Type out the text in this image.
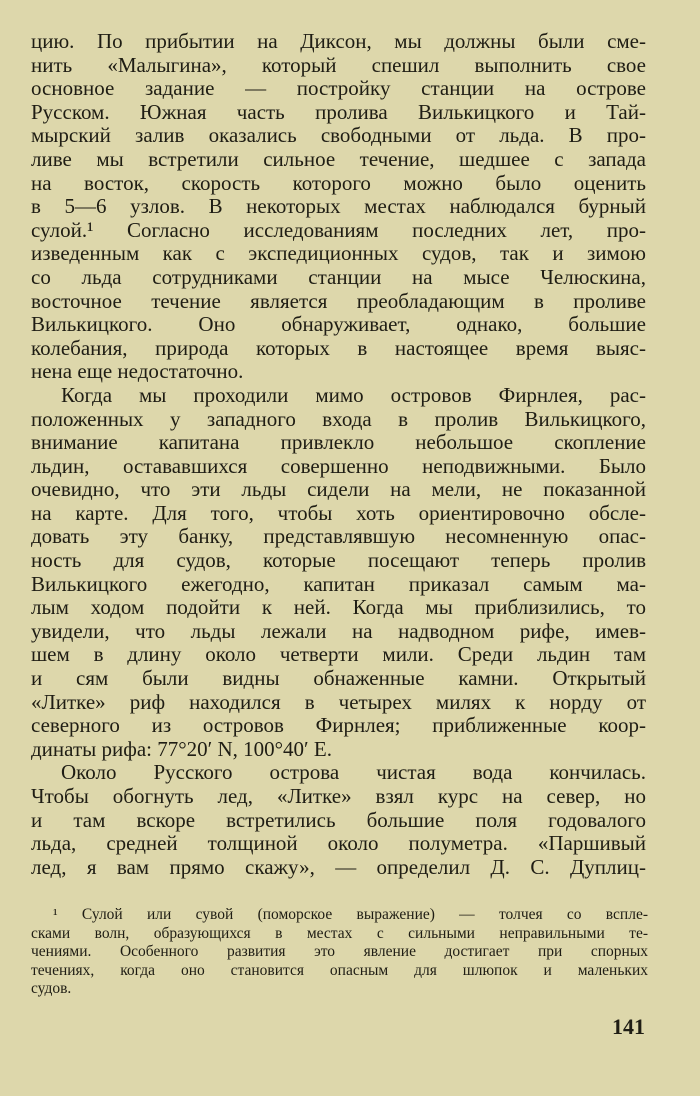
цию. По прибытии на Диксон, мы должны были сме-
нить «Малыгина», который спешил выполнить свое
основное задание — постройку станции на острове
Русском. Южная часть пролива Вилькицкого и Тай-
мырский залив оказались свободными от льда. В про-
ливе мы встретили сильное течение, шедшее с запада
на восток, скорость которого можно было оценить
в 5—6 узлов. В некоторых местах наблюдался бурный
сулой.¹ Согласно исследованиям последних лет, про-
изведенным как с экспедиционных судов, так и зимою
со льда сотрудниками станции на мысе Челюскина,
восточное течение является преобладающим в проливе
Вилькицкого. Оно обнаруживает, однако, большие
колебания, природа которых в настоящее время выяс-
нена еще недостаточно.
Когда мы проходили мимо островов Фирнлея, рас-
положенных у западного входа в пролив Вилькицкого,
внимание капитана привлекло небольшое скопление
льдин, остававшихся совершенно неподвижными. Было
очевидно, что эти льды сидели на мели, не показанной
на карте. Для того, чтобы хоть ориентировочно обсле-
довать эту банку, представлявшую несомненную опас-
ность для судов, которые посещают теперь пролив
Вилькицкого ежегодно, капитан приказал самым ма-
лым ходом подойти к ней. Когда мы приблизились, то
увидели, что льды лежали на надводном рифе, имев-
шем в длину около четверти мили. Среди льдин там
и сям были видны обнаженные камни. Открытый
«Литке» риф находился в четырех милях к норду от
северного из островов Фирнлея; приближенные коор-
динаты рифа: 77°20′ N, 100°40′ E.
Около Русского острова чистая вода кончилась.
Чтобы обогнуть лед, «Литке» взял курс на север, но
и там вскоре встретились большие поля годовалого
льда, средней толщиной около полуметра. «Паршивый
лед, я вам прямо скажу», — определил Д. С. Дуплиц-
¹ Сулой или сувой (поморское выражение) — толчея со вспле-
сками волн, образующихся в местах с сильными неправильными те-
чениями. Особенного развития это явление достигает при спорных
течениях, когда оно становится опасным для шлюпок и маленьких
судов.
141
